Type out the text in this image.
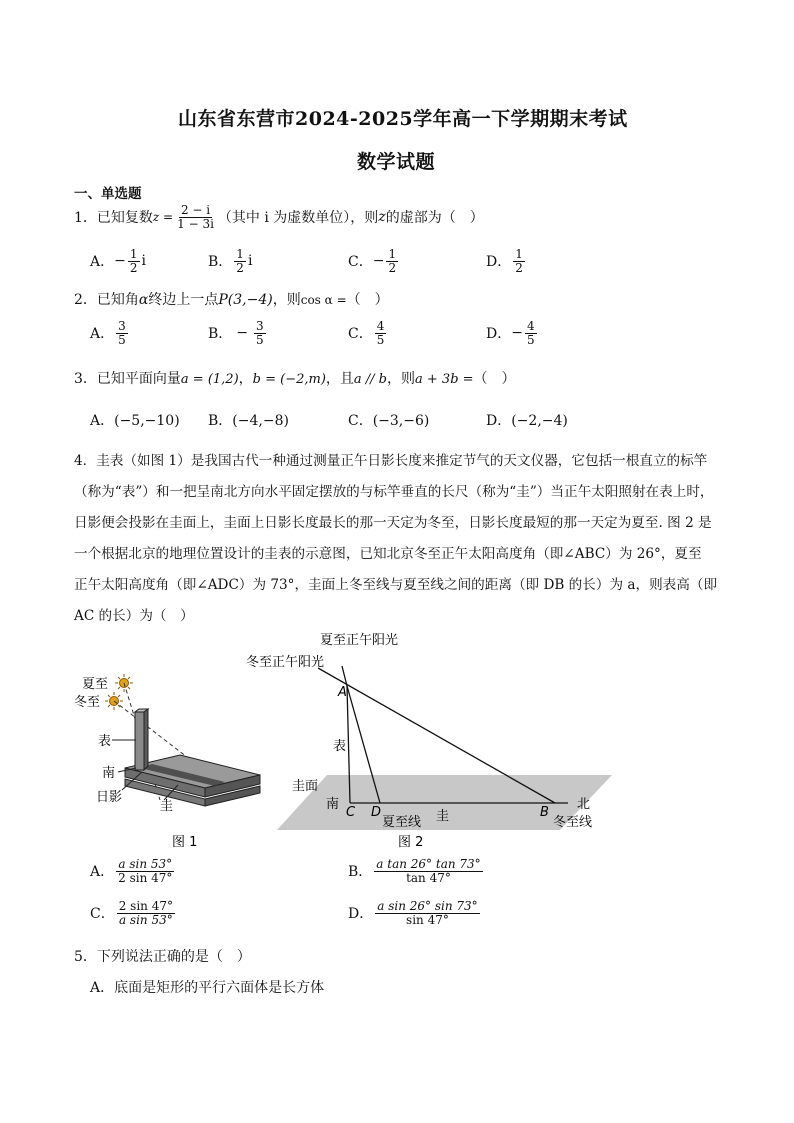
山东省东营市2024-2025学年高一下学期期末考试
数学试题
一、单选题
1．已知复数 $z = \frac{2 - i}{1 - 3i}$ （其中 i 为虚数单位），则 z 的虚部为（　）
A． − $\frac{1}{2}$ i	B． $\frac{1}{2}$ i	C． − $\frac{1}{2}$	D． $\frac{1}{2}$
2．已知角α终边上一点P(3,−4)，则cos α =（　）
A． $\frac{3}{5}$	B． − $\frac{3}{5}$	C． $\frac{4}{5}$	D． − $\frac{4}{5}$
3．已知平面向量a = (1,2)，b = (−2,m)，且a // b，则a + 3b =（　）
A．(−5,−10) B．(−4,−8)	C．(−3,−6)	D．(−2,−4)
4．圭表（如图 1）是我国古代一种通过测量正午日影长度来推定节气的天文仪器，它包括一根直立的标竿
（称为“表”）和一把呈南北方向水平固定摆放的与标竿垂直的长尺（称为“圭”）当正午太阳照射在表上时，
日影便会投影在圭面上，圭面上日影长度最长的那一天定为冬至，日影长度最短的那一天定为夏至. 图 2 是
一个根据北京的地理位置设计的圭表的示意图，已知北京冬至正午太阳高度角（即∠ABC）为 26°，夏至
正午太阳高度角（即∠ADC）为 73°，圭面上冬至线与夏至线之间的距离（即 DB 的长）为 a，则表高（即
AC 的长）为（　）
夏至
冬至
表
南
日影
圭
图 1
夏至正午阳光
冬至正午阳光
A
表
圭面
南
C D
夏至线 圭	B
北
冬至线
图 2
A． $\frac{\text{a sin 53°}}{2 \sin 47^\circ}$	B． $\frac{\text{a tan 26° tan 73°}}{\tan 47^\circ}$
C． $\frac{2 \sin 47^\circ}{\text{a sin 53°}}$	D． $\frac{\text{a sin 26° sin 73°}}{\sin 47^\circ}$
5．下列说法正确的是（　）
A．底面是矩形的平行六面体是长方体
